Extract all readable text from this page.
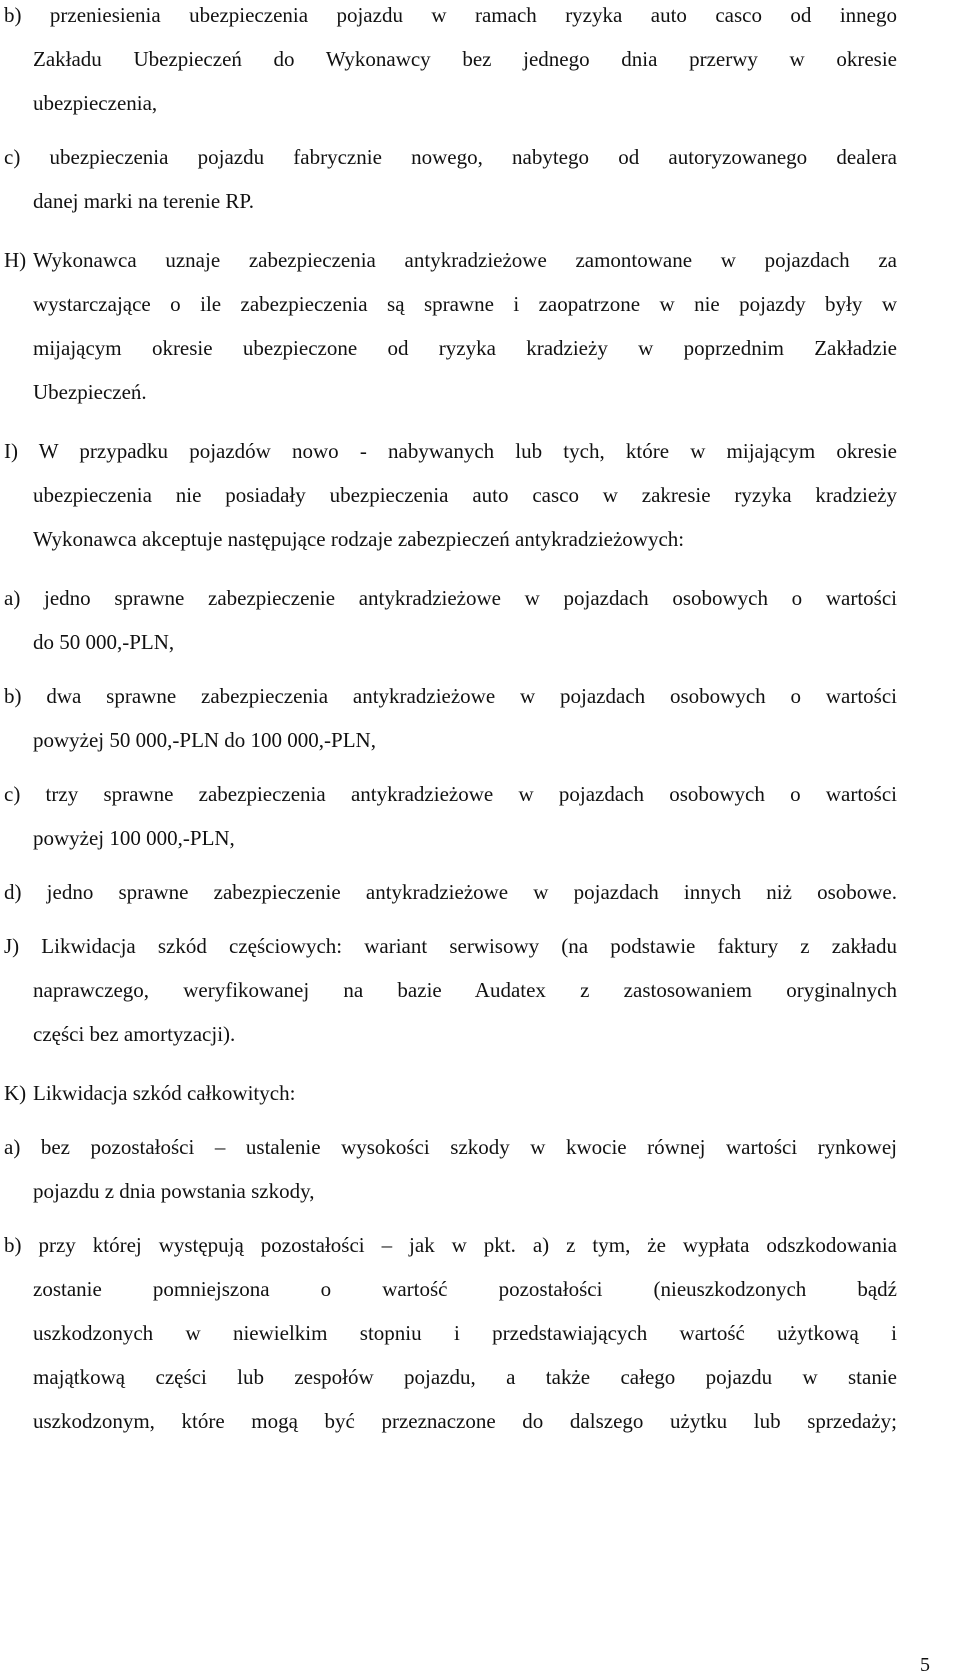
b) przeniesienia ubezpieczenia pojazdu w ramach ryzyka auto casco od innego
Zakładu Ubezpieczeń do Wykonawcy bez jednego dnia przerwy w okresie
ubezpieczenia,
c) ubezpieczenia pojazdu fabrycznie nowego, nabytego od autoryzowanego dealera
danej marki na terenie RP.
H) Wykonawca uznaje zabezpieczenia antykradzieżowe zamontowane w pojazdach za
wystarczające o ile zabezpieczenia są sprawne i zaopatrzone w nie pojazdy były w
mijającym okresie ubezpieczone od ryzyka kradzieży w poprzednim Zakładzie
Ubezpieczeń.
I) W przypadku pojazdów nowo - nabywanych lub tych, które w mijającym okresie
ubezpieczenia nie posiadały ubezpieczenia auto casco w zakresie ryzyka kradzieży
Wykonawca akceptuje następujące rodzaje zabezpieczeń antykradzieżowych:
a) jedno sprawne zabezpieczenie antykradzieżowe w pojazdach osobowych o wartości
do 50 000,-PLN,
b) dwa sprawne zabezpieczenia antykradzieżowe w pojazdach osobowych o wartości
powyżej 50 000,-PLN do 100 000,-PLN,
c) trzy sprawne zabezpieczenia antykradzieżowe w pojazdach osobowych o wartości
powyżej 100 000,-PLN,
d) jedno sprawne zabezpieczenie antykradzieżowe w pojazdach innych niż osobowe.
J) Likwidacja szkód częściowych: wariant serwisowy (na podstawie faktury z zakładu
naprawczego, weryfikowanej na bazie Audatex z zastosowaniem oryginalnych
części bez amortyzacji).
K) Likwidacja szkód całkowitych:
a) bez pozostałości – ustalenie wysokości szkody w kwocie równej wartości rynkowej
pojazdu z dnia powstania szkody,
b) przy której występują pozostałości – jak w pkt. a) z tym, że wypłata odszkodowania
zostanie pomniejszona o wartość pozostałości (nieuszkodzonych bądź
uszkodzonych w niewielkim stopniu i przedstawiających wartość użytkową i
majątkową części lub zespołów pojazdu, a także całego pojazdu w stanie
uszkodzonym, które mogą być przeznaczone do dalszego użytku lub sprzedaży;
5
